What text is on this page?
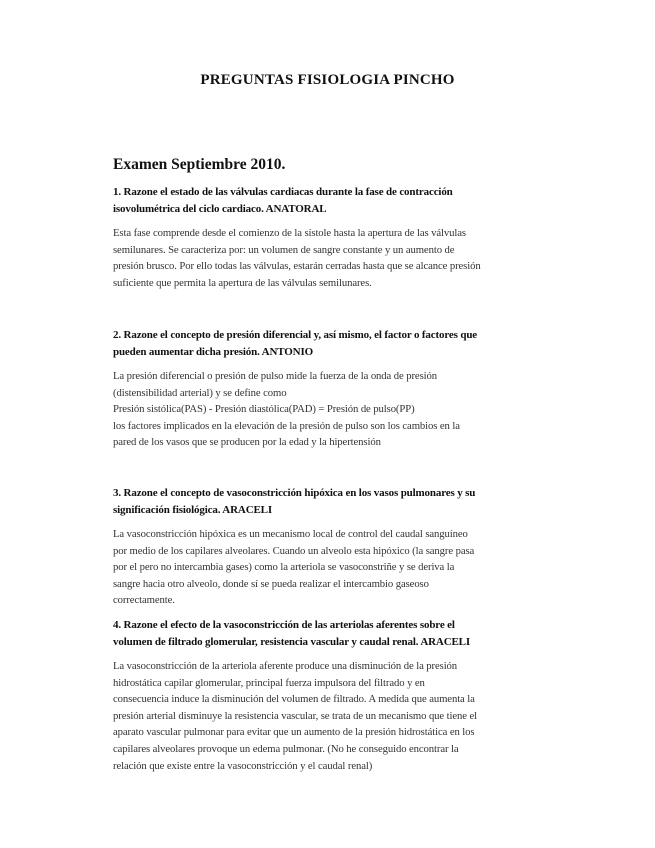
PREGUNTAS FISIOLOGIA PINCHO
Examen Septiembre 2010.

1. Razone el estado de las válvulas cardiacas durante la fase de contracción
isovolumétrica del ciclo cardiaco. ANATORAL

Esta fase comprende desde el comienzo de la sístole hasta la apertura de las válvulas
semilunares. Se caracteriza por: un volumen de sangre constante y un aumento de
presión brusco. Por ello todas las válvulas, estarán cerradas hasta que se alcance presión
suficiente que permita la apertura de las válvulas semilunares.

2. Razone el concepto de presión diferencial y, así mismo, el factor o factores que
pueden aumentar dicha presión. ANTONIO

La presión diferencial o presión de pulso mide la fuerza de la onda de presión
(distensibilidad arterial) y se define como
Presión sistólica(PAS) - Presión diastólica(PAD) = Presión de pulso(PP)
los factores implicados en la elevación de la presión de pulso son los cambios en la
pared de los vasos que se producen por la edad y la hipertensión

3. Razone el concepto de vasoconstricción hipóxica en los vasos pulmonares y su
significación fisiológica. ARACELI

La vasoconstricción hipóxica es un mecanismo local de control del caudal sanguíneo
por medio de los capilares alveolares. Cuando un alveolo esta hipóxico (la sangre pasa
por el pero no intercambia gases) como la arteriola se vasoconstriñe y se deriva la
sangre hacia otro alveolo, donde sí se pueda realizar el intercambio gaseoso
correctamente.

4. Razone el efecto de la vasoconstricción de las arteriolas aferentes sobre el
volumen de filtrado glomerular, resistencia vascular y caudal renal. ARACELI

La vasoconstricción de la arteriola aferente produce una disminución de la presión
hidrostática capilar glomerular, principal fuerza impulsora del filtrado y en
consecuencia induce la disminución del volumen de filtrado. A medida que aumenta la
presión arterial disminuye la resistencia vascular, se trata de un mecanismo que tiene el
aparato vascular pulmonar para evitar que un aumento de la presión hidrostática en los
capilares alveolares provoque un edema pulmonar. (No he conseguido encontrar la
relación que existe entre la vasoconstricción y el caudal renal)
